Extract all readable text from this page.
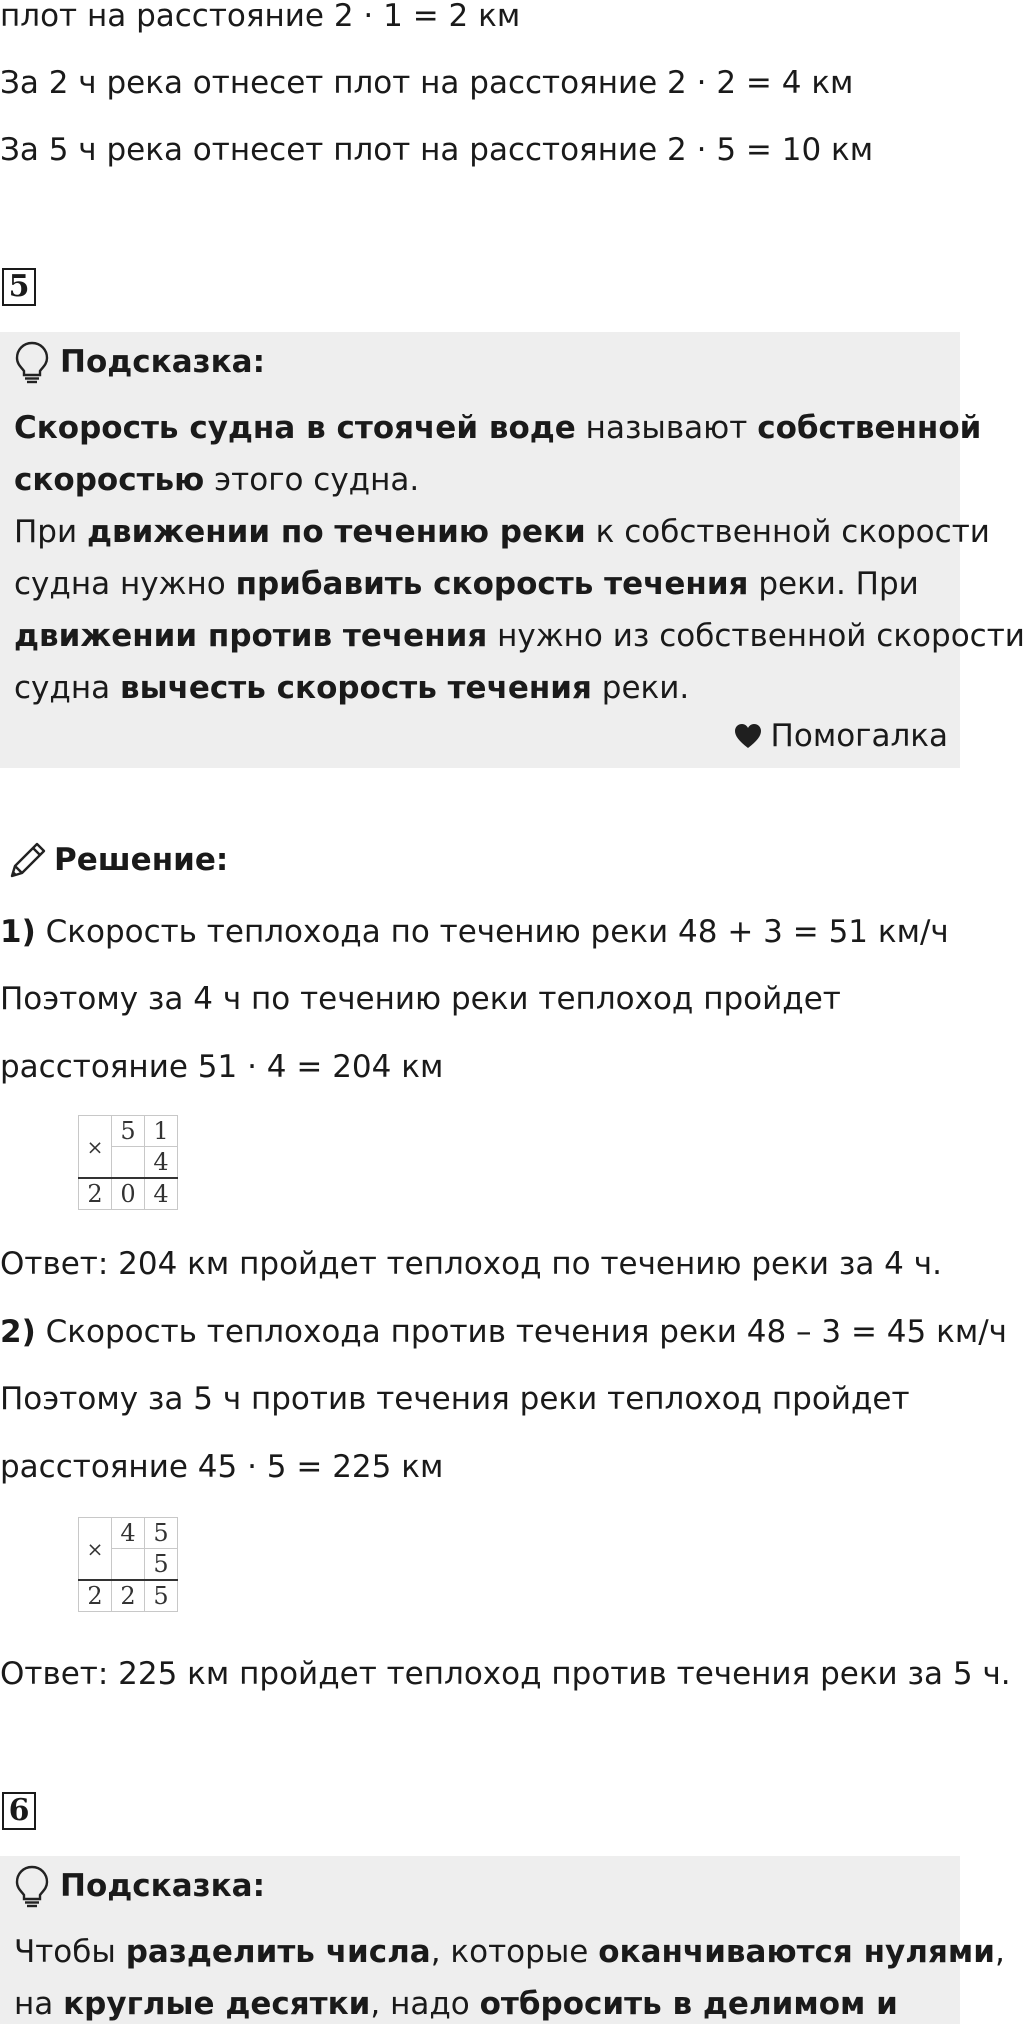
плот на расстояние 2 · 1 = 2 км
За 2 ч река отнесет плот на расстояние 2 · 2 = 4 км
За 5 ч река отнесет плот на расстояние 2 · 5 = 10 км
5
Подсказка:
Скорость судна в стоячей воде называют собственной
скоростью этого судна.
При движении по течению реки к собственной скорости
судна нужно прибавить скорость течения реки. При
движении против течения нужно из собственной скорости
судна вычесть скорость течения реки.
Помогалка
Решение:
1) Скорость теплохода по течению реки 48 + 3 = 51 км/ч
Поэтому за 4 ч по течению реки теплоход пройдет
расстояние 51 · 4 = 204 км
×	5	1
		4
2	0	4
Ответ: 204 км пройдет теплоход по течению реки за 4 ч.
2) Скорость теплохода против течения реки 48 – 3 = 45 км/ч
Поэтому за 5 ч против течения реки теплоход пройдет
расстояние 45 · 5 = 225 км
×	4	5
		5
2	2	5
Ответ: 225 км пройдет теплоход против течения реки за 5 ч.
6
Подсказка:
Чтобы разделить числа, которые оканчиваются нулями,
на круглые десятки, надо отбросить в делимом и
